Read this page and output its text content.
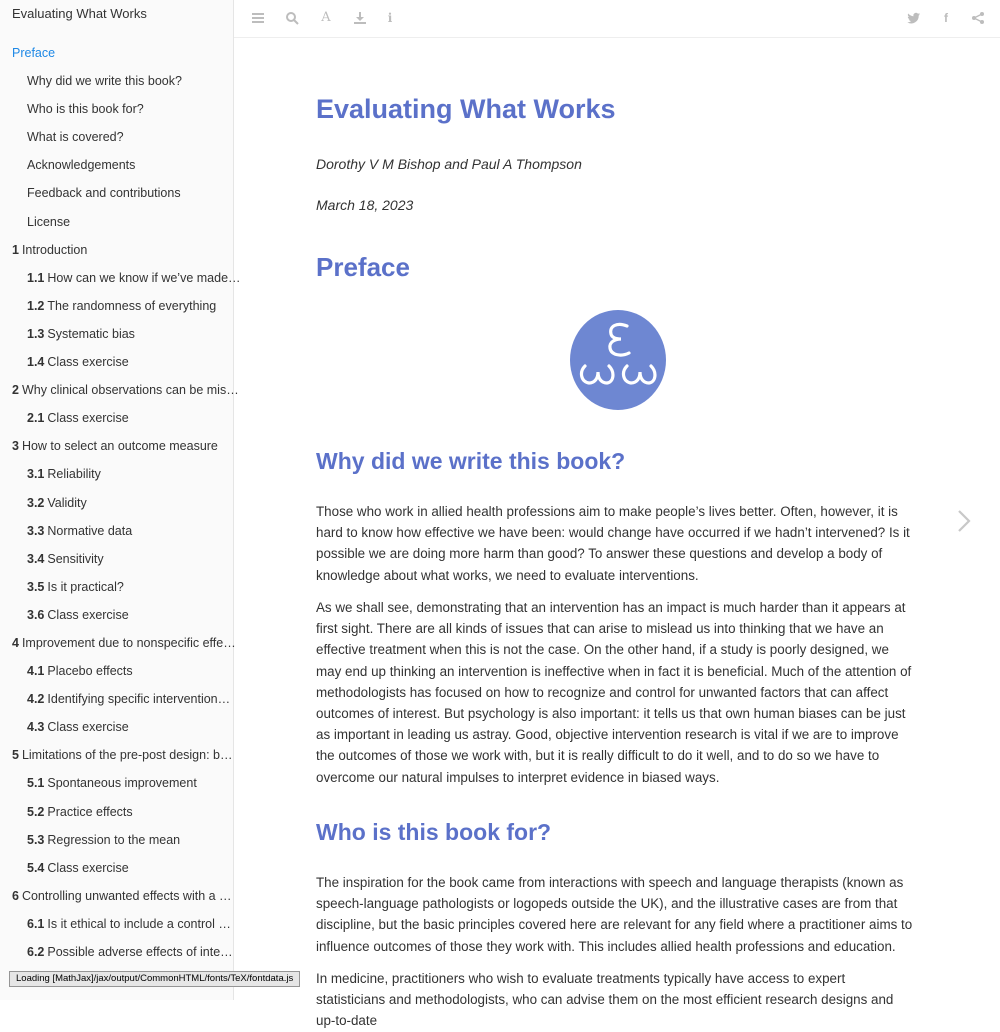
Evaluating What Works
Preface
Why did we write this book?
Who is this book for?
What is covered?
Acknowledgements
Feedback and contributions
License
1 Introduction
1.1 How can we know if we’ve made…
1.2 The randomness of everything
1.3 Systematic bias
1.4 Class exercise
2 Why clinical observations can be mis…
2.1 Class exercise
3 How to select an outcome measure
3.1 Reliability
3.2 Validity
3.3 Normative data
3.4 Sensitivity
3.5 Is it practical?
3.6 Class exercise
4 Improvement due to nonspecific effe…
4.1 Placebo effects
4.2 Identifying specific intervention…
4.3 Class exercise
5 Limitations of the pre-post design: b…
5.1 Spontaneous improvement
5.2 Practice effects
5.3 Regression to the mean
5.4 Class exercise
6 Controlling unwanted effects with a …
6.1 Is it ethical to include a control …
6.2 Possible adverse effects of inte…
A	i	f
Evaluating What Works

Dorothy V M Bishop and Paul A Thompson

March 18, 2023

Preface
Why did we write this book?

Those who work in allied health professions aim to make people’s lives better. Often, however, it is hard to know how effective we have been: would change have occurred if we hadn’t intervened? Is it possible we are doing more harm than good? To answer these questions and develop a body of knowledge about what works, we need to evaluate interventions.

As we shall see, demonstrating that an intervention has an impact is much harder than it appears at first sight. There are all kinds of issues that can arise to mislead us into thinking that we have an effective treatment when this is not the case. On the other hand, if a study is poorly designed, we may end up thinking an intervention is ineffective when in fact it is beneficial. Much of the attention of methodologists has focused on how to recognize and control for unwanted factors that can affect outcomes of interest. But psychology is also important: it tells us that own human biases can be just as important in leading us astray. Good, objective intervention research is vital if we are to improve the outcomes of those we work with, but it is really difficult to do it well, and to do so we have to overcome our natural impulses to interpret evidence in biased ways.

Who is this book for?

The inspiration for the book came from interactions with speech and language therapists (known as speech-language pathologists or logopeds outside the UK), and the illustrative cases are from that discipline, but the basic principles covered here are relevant for any field where a practitioner aims to influence outcomes of those they work with. This includes allied health professions and education.

In medicine, practitioners who wish to evaluate treatments typically have access to expert statisticians and methodologists, who can advise them on the most efficient research designs and up-to-date

Loading [MathJax]/jax/output/CommonHTML/fonts/TeX/fontdata.js
